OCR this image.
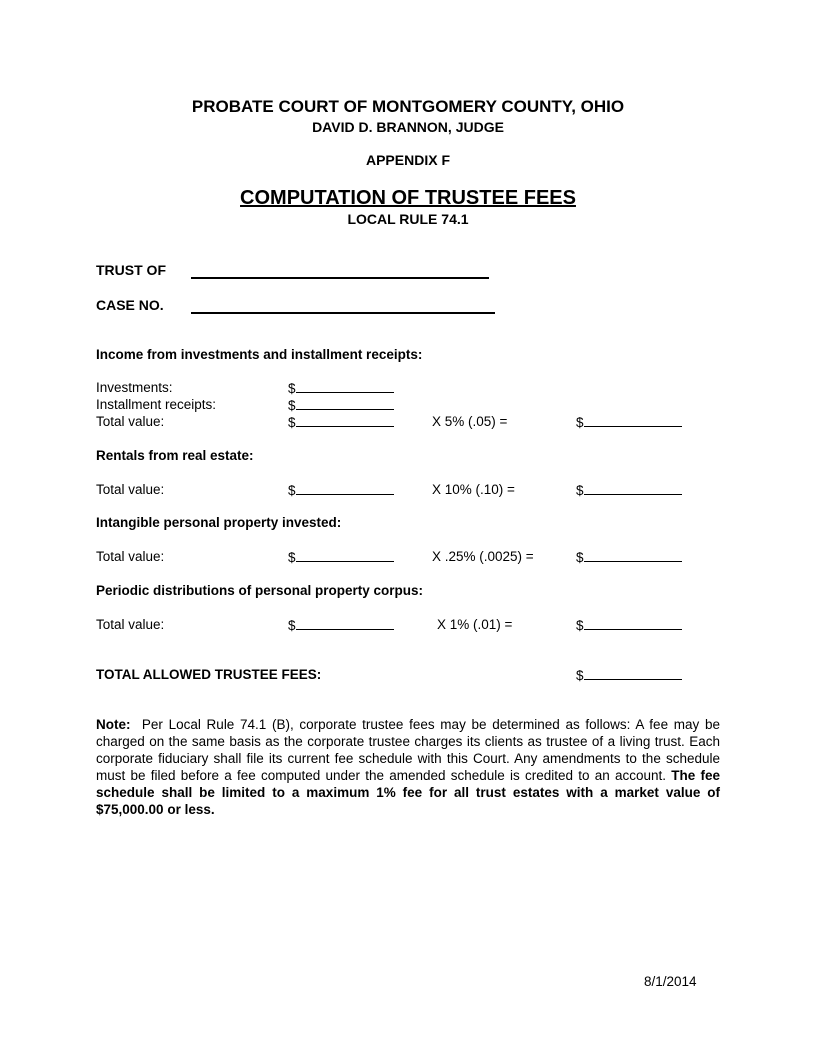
PROBATE COURT OF MONTGOMERY COUNTY, OHIO
DAVID D. BRANNON, JUDGE
APPENDIX F
COMPUTATION OF TRUSTEE FEES
LOCAL RULE 74.1
TRUST OF
CASE NO.
Income from investments and installment receipts:
Investments:	$
Installment receipts:	$
Total value:	$	X 5% (.05) =	$
Rentals from real estate:
Total value:	$	X 10% (.10) =	$
Intangible personal property invested:
Total value:	$	X .25% (.0025) =	$
Periodic distributions of personal property corpus:
Total value:	$	X 1% (.01) =	$
TOTAL ALLOWED TRUSTEE FEES:	$
Note: Per Local Rule 74.1 (B), corporate trustee fees may be determined as follows: A fee may be charged on the same basis as the corporate trustee charges its clients as trustee of a living trust. Each corporate fiduciary shall file its current fee schedule with this Court. Any amendments to the schedule must be filed before a fee computed under the amended schedule is credited to an account. The fee schedule shall be limited to a maximum 1% fee for all trust estates with a market value of $75,000.00 or less.
8/1/2014
